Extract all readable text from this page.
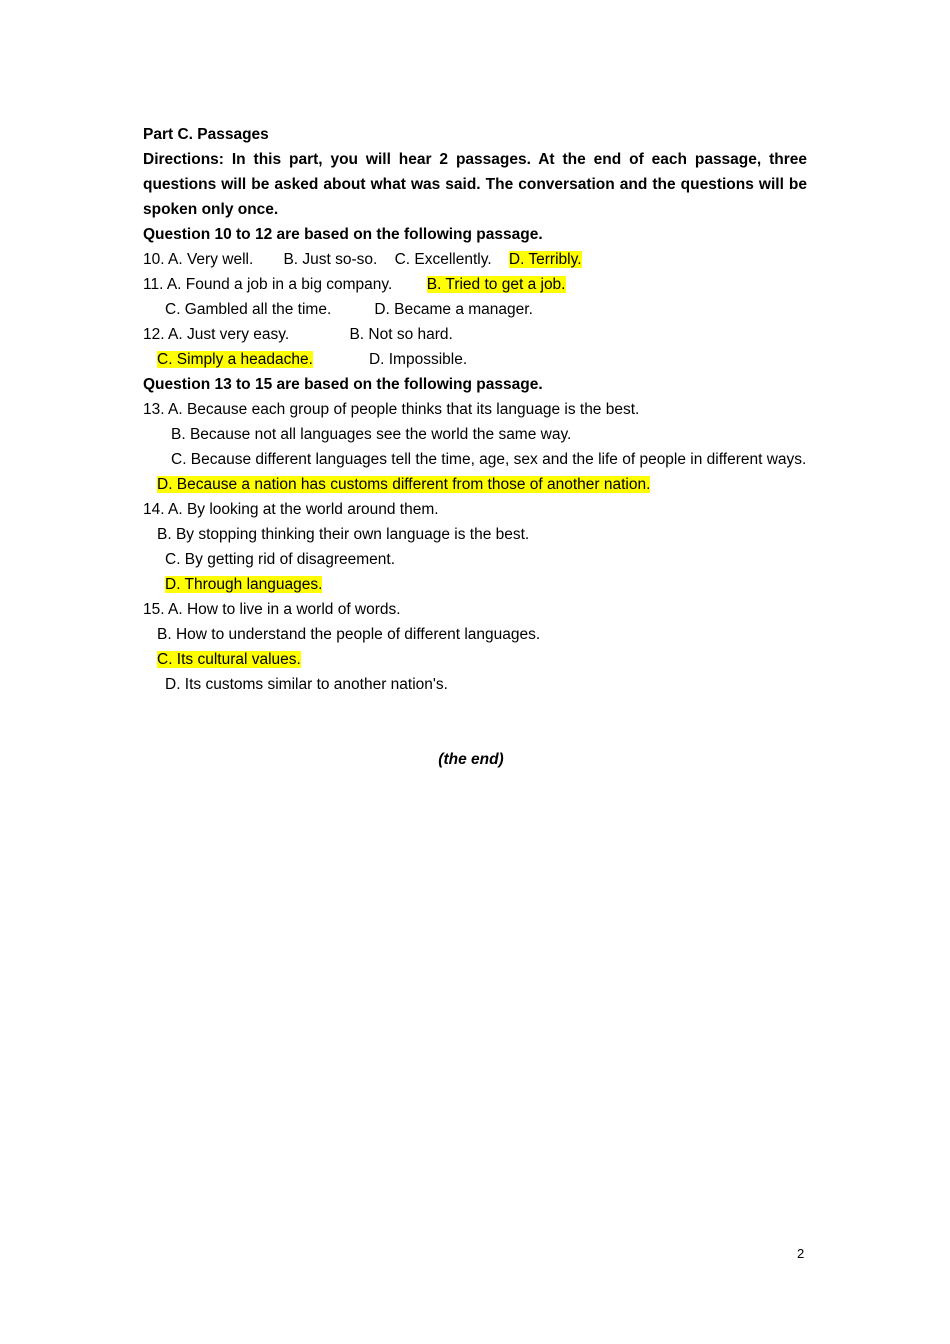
Part C. Passages
Directions: In this part, you will hear 2 passages. At the end of each passage, three questions will be asked about what was said. The conversation and the questions will be spoken only once.
Question 10 to 12 are based on the following passage.
10. A. Very well. B. Just so-so. C. Excellently. D. Terribly.
11. A. Found a job in a big company. B. Tried to get a job.
C. Gambled all the time.	D. Became a manager.
12. A. Just very easy.	B. Not so hard.
C. Simply a headache.	D. Impossible.
Question 13 to 15 are based on the following passage.
13. A. Because each group of people thinks that its language is the best.
B. Because not all languages see the world the same way.
C. Because different languages tell the time, age, sex and the life of people in different ways.
D. Because a nation has customs different from those of another nation.
14. A. By looking at the world around them.
B. By stopping thinking their own language is the best.
C. By getting rid of disagreement.
D. Through languages.
15. A. How to live in a world of words.
B. How to understand the people of different languages.
C. Its cultural values.
D. Its customs similar to another nation's.
(the end)
2
